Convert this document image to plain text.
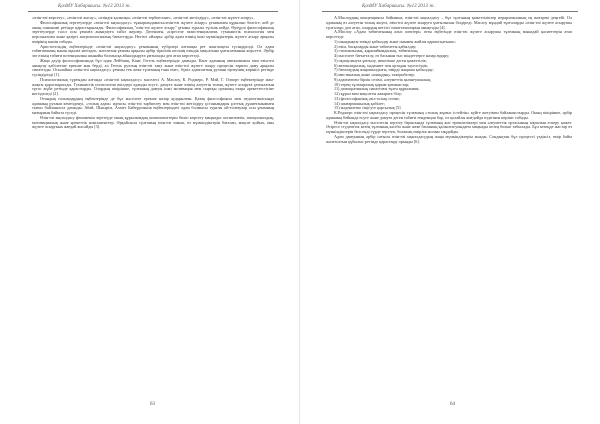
ҚазМУ Хабаршысы. №13 2013 ж.

«өзін-өзі көрсету», «өзін-өзі жасау», «өзіндік қалыпқа» «өзін-өзі тербиесине», «өзін-өзі жетілдіру», «өзін-өзі жүзеге асыру».

Философиялық зерттеулерде «өзін-өзі ықпалдасу» тұжырымдамасы«өзін-өзі жүзеге асыру» ұғымымен құрылып бөлгіге, кей де оның синонимі ретінде қарастырылады. Философиялық "өзін-өзі жүзеге асыру" ұғымы туралы түсінік кейде. Өртүрлі философиялық зерттеулерде тәсіл осы ұғымға анықтауға тәйіл жерлер. Дегенмен, әсіреселе экзистенциализм, гуманистік психология мен персонализм және қазіргі антропологиялық бағыттарда. Негізгі ойлары: әрбір адам өзінің ішкі мүмкіндіктерін жүзеге асыру арқылы өмірінің мәнін табады.

Аристотельдің еңбектерінде «өзін-өзі ықпалдасу» ұғымының түбірлері алғашқы рет жан-жақты түсіндірілді. Ол адам табиғатының мәнін ақылға негіздеп, энтелехия ұғымы арқылы әрбір тіршілік иесінің өзіндік мақсатына ұмтылатынын көрсетті. Әрбір зат өзінің табиғи потенциалын шынайы болмысқа айналдыруға ұмтылады деп атап көрсетеді.

Жаңа дәуір философиясында бұл идея Лейбниц, Кант, Гегель еңбектерінде дамыды. Кант адамның автономиясы мен өзін-өзі анықтау қабілетіне ерекше мән берді, ал Гегель рухтың өзін-өзі тану және өзін-өзі жүзеге асыру процесін тарихи даму арқылы сипаттады. Осылайша «өзін-өзі ықпалдасу» ұғымы тек жеке тұлғаның ғана емес, бүкіл адамзаттың рухани өрлеуінің көрінісі ретінде түсіндірілді [1].

Психологиялық тұрғыдан алғанда «өзін-өзі ықпалдасу» мәселесі А. Маслоу, К. Роджерс, Р. Мэй, Г. Олпорт еңбектерінде жан-жақты қарастырылды. Гуманистік психология өкілдері адамды өсуге, дамуға және өзінің әлеуетін толық жүзеге асыруға ұмтылатын тұтас жүйе ретінде қарастырды. Олардың пікірінше, тұлғаның дамуы ішкі мотивация мен сыртқы ортаның өзара әрекеттестігіне негізделеді [2].

Отандық ғалымдардың еңбектерінде де бұл мәселеге ерекше назар аударылған. Қазақ философиясы мен педагогикасында адамның рухани кемелденуі, «толық адам» идеясы, өзін-өзі тәрбиелеу мен өзін-өзі жетілдіру ұстанымдары ұлттық дүниетаныммен тығыз байланыста дамыды. Абай, Шәкәрім, Ахмет Байтұрсынов еңбектеріндегі адам болмысы туралы ой-толғаулар осы ұғымның мазмұнын байыта түседі.

Өзін-өзі ықпалдасу феноменін зерттеуде оның құрылымдық компоненттерін бөліп көрсету маңызды: когнитивтік, эмоционалдық, мотивациялық және әрекеттік компоненттер. Әрқайсысы тұлғаның өзін-өзі танып, өз мүмкіндіктерін бағалап, мақсат қойып, оны жүзеге асыруына жағдай жасайды [3].

63
ҚазМУ Хабаршысы. №13 2013 ж.

А.Маслоудың концепциясы бойынша, өзін-өзі ықпалдасу – бұл тұлғаның қажеттіліктер иерархиясының ең жоғарғы деңгейі. Ол адамның өз әлеуетін толық ашуға, өзін-өзі жүзеге асыруға ұмтылысын білдіреді. Маслоу мұндай тұлғаларды «өзін-өзі жүзеге асырушы тұлғалар» деп атап, олардың негізгі сипаттамаларын анықтады [4].

А.Маслоу «Адам табиғатының алыс шектері» атты еңбегінде өзін-өзі жүзеге асырушы тұлғаның мынадай қасиеттерін атап көрсетеді:

1) шындықты тиімді қабылдау және онымен жайлы қарым-қатынас;

2) өзін, басқаларды және табиғатты қабылдау;

3) стихиялылық, қарапайымдылық, табиғилық;

4) мәселеге бағытталу, өз басынан тыс міндеттерге назар аудару;

5) оқшаулануға ұмтылу, жекелікке деген қажеттілік;

6) автономдылық, мәдениет пен ортадан тәуелсіздік;

7) бағалаудың жаңашылдығы, өмірді жаңаша қабылдау;

8) мистикалық және «шыңдық» тәжірибелер;

9) адамзатпен бірлік сезімі, әлеуметтік қызығушылық;

10) терең тұлғааралық қарым-қатынастар;

11) демократиялық сипаттағы тұлға құрылымы;

12) құрал мен мақсатты ажырата білу;

13) философиялық әзіл-оспақ сезімі;

14) шығармашылық қабілет;

15) мәдениетке сіңісуге қарсылық [5].

К.Роджерс өзін-өзі ықпалдасу процесін тұлғаның «толық жұмыс істейтін» күйге жетуімен байланыстырды. Оның пікірінше, әрбір адамның бойында өсуге және дамуға деген табиғи тенденция бар, ол қолайлы жағдайда өздігінен көрініс табады.

Өзін-өзі ықпалдасу мәселесін зерттеу барысында тұлғаның жас ерекшеліктері мен әлеуметтік ортасының ықпалын ескеру қажет. Әсіресе студенттік кезең тұлғаның кәсіби және жеке басының қалыптасуындағы маңызды кезең болып табылады. Бұл кезеңде жастар өз мүмкіндіктерін белсенді түрде зерттеп, болашақ өмірлік жолын таңдайды.

Адам дамуының әрбір сатысы өзін-өзі ықпалдасудың жаңа мүмкіндіктерін ашады. Сондықтан бұл процесті үздіксіз, өмір бойы жалғасатын құбылыс ретінде қарастыру орынды [6].

64
